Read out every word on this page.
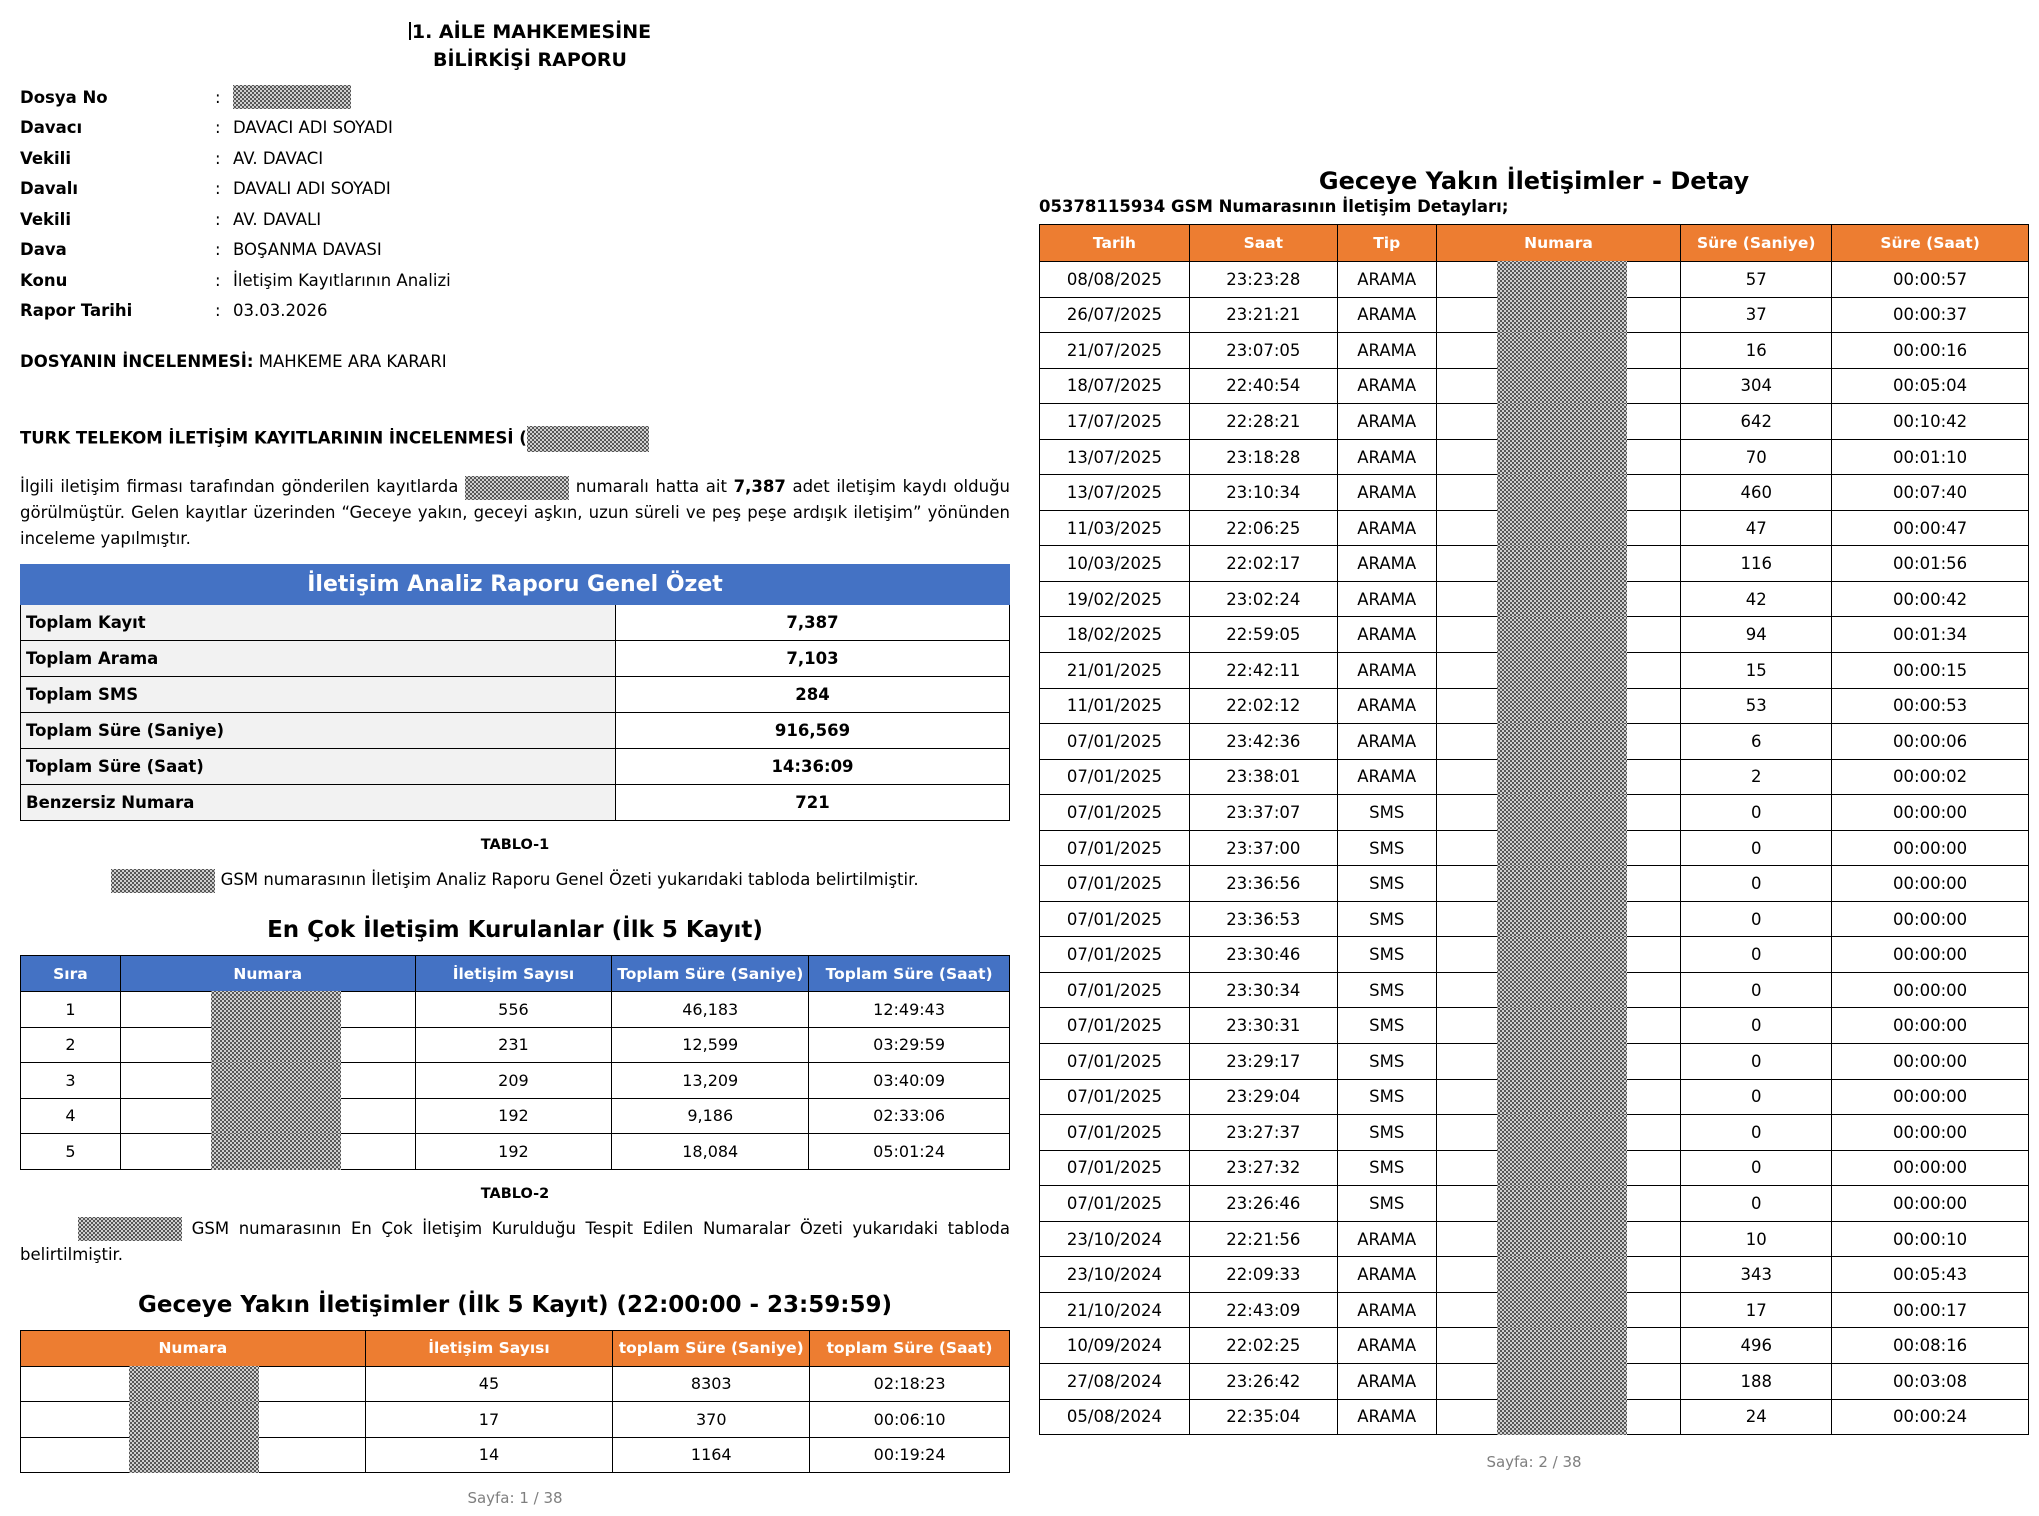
1. AİLE MAHKEMESİNE
BİLİRKİŞİ RAPORU
Dosya No	:
Davacı	: DAVACI ADI SOYADI
Vekili	: AV. DAVACI
Davalı	: DAVALI ADI SOYADI
Vekili	: AV. DAVALI
Dava	: BOŞANMA DAVASI
Konu	: İletişim Kayıtlarının Analizi
Rapor Tarihi	: 03.03.2026
DOSYANIN İNCELENMESİ: MAHKEME ARA KARARI
TURK TELEKOM İLETİŞİM KAYITLARININ İNCELENMESİ (
İlgili iletişim firması tarafından gönderilen kayıtlarda	numaralı hatta ait 7,387 adet iletişim kaydı olduğu görülmüştür. Gelen kayıtlar üzerinden “Geceye yakın, geceyi aşkın, uzun süreli ve peş peşe ardışık iletişim” yönünden inceleme yapılmıştır.
İletişim Analiz Raporu Genel Özet	
Toplam Kayıt	7,387
Toplam Arama	7,103
Toplam SMS	284
Toplam Süre (Saniye)	916,569
Toplam Süre (Saat)	14:36:09
Benzersiz Numara	721
TABLO-1
GSM numarasının İletişim Analiz Raporu Genel Özeti yukarıdaki tabloda belirtilmiştir.
En Çok İletişim Kurulanlar (İlk 5 Kayıt)
Sıra	Numara	İletişim Sayısı	Toplam Süre (Saniye)	Toplam Süre (Saat)
1		556	46,183	12:49:43
2		231	12,599	03:29:59
3		209	13,209	03:40:09
4		192	9,186	02:33:06
5		192	18,084	05:01:24
TABLO-2
GSM numarasının En Çok İletişim Kurulduğu Tespit Edilen Numaralar Özeti yukarıdaki tabloda belirtilmiştir.
Geceye Yakın İletişimler (İlk 5 Kayıt) (22:00:00 - 23:59:59)
Numara	İletişim Sayısı	toplam Süre (Saniye)	toplam Süre (Saat)

	45	8303	02:18:23

	17	370	00:06:10

	14	1164	00:19:24
Sayfa: 1 / 38
Geceye Yakın İletişimler - Detay
05378115934 GSM Numarasının İletişim Detayları;
Tarih	Saat	Tip	Numara	Süre (Saniye)	Süre (Saat)
08/08/2025	23:23:28	ARAMA		57	00:00:57
26/07/2025	23:21:21	ARAMA		37	00:00:37
21/07/2025	23:07:05	ARAMA		16	00:00:16
18/07/2025	22:40:54	ARAMA		304	00:05:04
17/07/2025	22:28:21	ARAMA		642	00:10:42
13/07/2025	23:18:28	ARAMA		70	00:01:10
13/07/2025	23:10:34	ARAMA		460	00:07:40
11/03/2025	22:06:25	ARAMA		47	00:00:47
10/03/2025	22:02:17	ARAMA		116	00:01:56
19/02/2025	23:02:24	ARAMA		42	00:00:42
18/02/2025	22:59:05	ARAMA		94	00:01:34
21/01/2025	22:42:11	ARAMA		15	00:00:15
11/01/2025	22:02:12	ARAMA		53	00:00:53
07/01/2025	23:42:36	ARAMA		6	00:00:06
07/01/2025	23:38:01	ARAMA		2	00:00:02
07/01/2025	23:37:07	SMS		0	00:00:00
07/01/2025	23:37:00	SMS		0	00:00:00
07/01/2025	23:36:56	SMS		0	00:00:00
07/01/2025	23:36:53	SMS		0	00:00:00
07/01/2025	23:30:46	SMS		0	00:00:00
07/01/2025	23:30:34	SMS		0	00:00:00
07/01/2025	23:30:31	SMS		0	00:00:00
07/01/2025	23:29:17	SMS		0	00:00:00
07/01/2025	23:29:04	SMS		0	00:00:00
07/01/2025	23:27:37	SMS		0	00:00:00
07/01/2025	23:27:32	SMS		0	00:00:00
07/01/2025	23:26:46	SMS		0	00:00:00
23/10/2024	22:21:56	ARAMA		10	00:00:10
23/10/2024	22:09:33	ARAMA		343	00:05:43
21/10/2024	22:43:09	ARAMA		17	00:00:17
10/09/2024	22:02:25	ARAMA		496	00:08:16
27/08/2024	23:26:42	ARAMA		188	00:03:08
05/08/2024	22:35:04	ARAMA		24	00:00:24
Sayfa: 2 / 38
